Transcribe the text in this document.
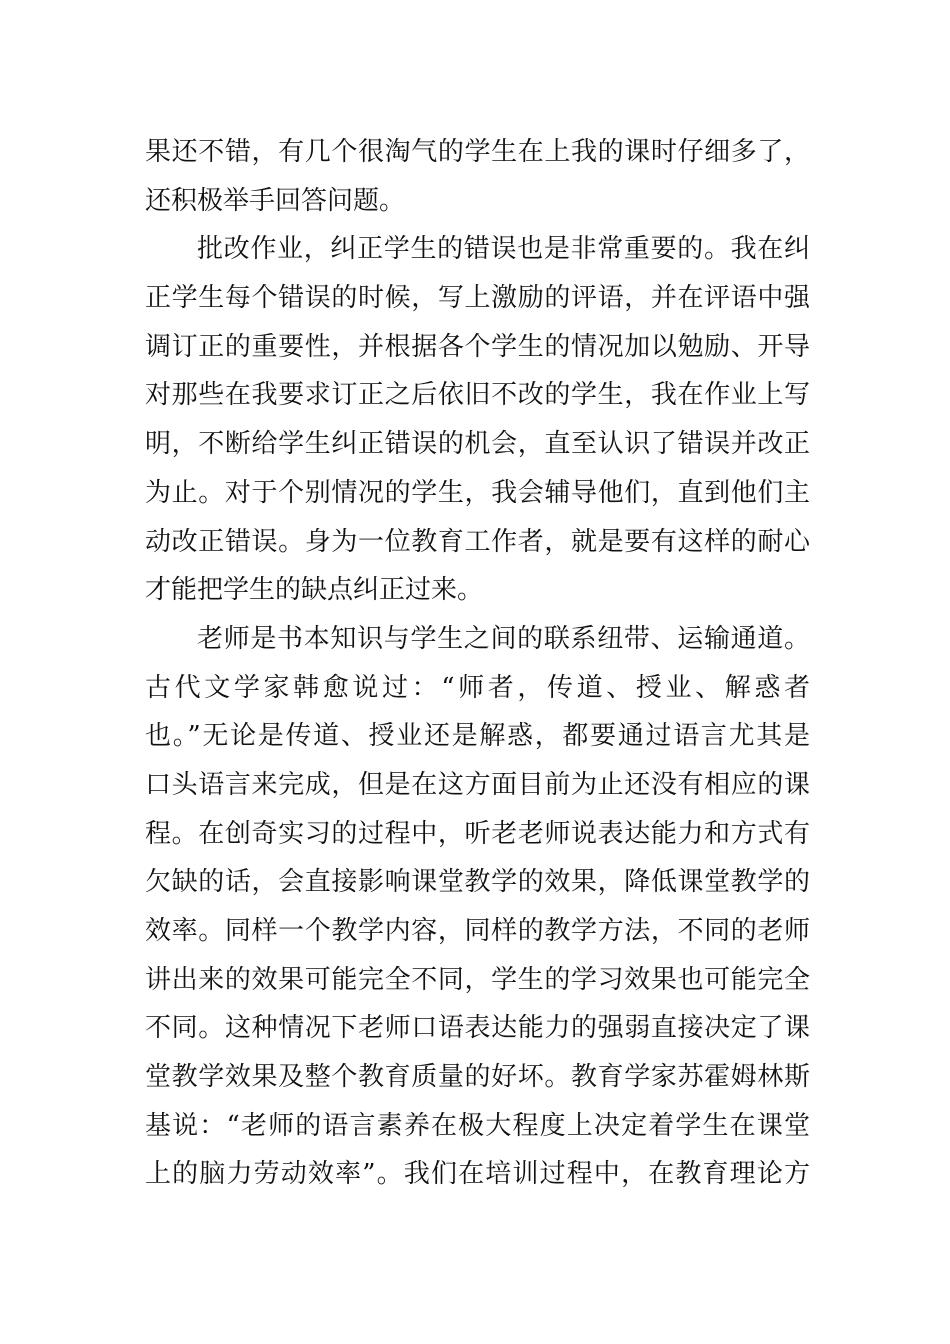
果还不错，有几个很淘气的学生在上我的课时仔细多了，
还积极举手回答问题。
批改作业，纠正学生的错误也是非常重要的。我在纠
正学生每个错误的时候，写上激励的评语，并在评语中强
调订正的重要性，并根据各个学生的情况加以勉励、开导
对那些在我要求订正之后依旧不改的学生，我在作业上写
明，不断给学生纠正错误的机会，直至认识了错误并改正
为止。对于个别情况的学生，我会辅导他们，直到他们主
动改正错误。身为一位教育工作者，就是要有这样的耐心
才能把学生的缺点纠正过来。
老师是书本知识与学生之间的联系纽带、运输通道。
古代文学家韩愈说过：“师者，传道、授业、解惑者
也。”无论是传道、授业还是解惑，都要通过语言尤其是
口头语言来完成，但是在这方面目前为止还没有相应的课
程。在创奇实习的过程中，听老老师说表达能力和方式有
欠缺的话，会直接影响课堂教学的效果，降低课堂教学的
效率。同样一个教学内容，同样的教学方法，不同的老师
讲出来的效果可能完全不同，学生的学习效果也可能完全
不同。这种情况下老师口语表达能力的强弱直接决定了课
堂教学效果及整个教育质量的好坏。教育学家苏霍姆林斯
基说：“老师的语言素养在极大程度上决定着学生在课堂
上的脑力劳动效率”。我们在培训过程中，在教育理论方
